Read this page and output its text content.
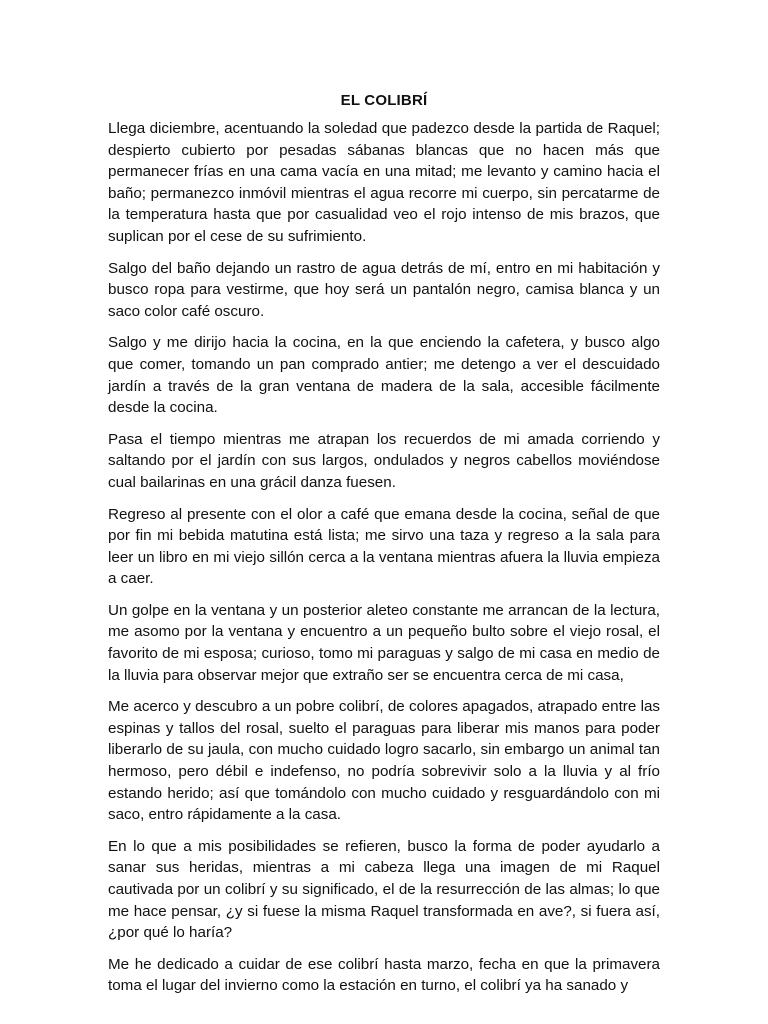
EL COLIBRÍ

Llega diciembre, acentuando la soledad que padezco desde la partida de Raquel; despierto cubierto por pesadas sábanas blancas que no hacen más que permanecer frías en una cama vacía en una mitad; me levanto y camino hacia el baño; permanezco inmóvil mientras el agua recorre mi cuerpo, sin percatarme de la temperatura hasta que por casualidad veo el rojo intenso de mis brazos, que suplican por el cese de su sufrimiento.

Salgo del baño dejando un rastro de agua detrás de mí, entro en mi habitación y busco ropa para vestirme, que hoy será un pantalón negro, camisa blanca y un saco color café oscuro.

Salgo y me dirijo hacia la cocina, en la que enciendo la cafetera, y busco algo que comer, tomando un pan comprado antier; me detengo a ver el descuidado jardín a través de la gran ventana de madera de la sala, accesible fácilmente desde la cocina.

Pasa el tiempo mientras me atrapan los recuerdos de mi amada corriendo y saltando por el jardín con sus largos, ondulados y negros cabellos moviéndose cual bailarinas en una grácil danza fuesen.

Regreso al presente con el olor a café que emana desde la cocina, señal de que por fin mi bebida matutina está lista; me sirvo una taza y regreso a la sala para leer un libro en mi viejo sillón cerca a la ventana mientras afuera la lluvia empieza a caer.

Un golpe en la ventana y un posterior aleteo constante me arrancan de la lectura, me asomo por la ventana y encuentro a un pequeño bulto sobre el viejo rosal, el favorito de mi esposa; curioso, tomo mi paraguas y salgo de mi casa en medio de la lluvia para observar mejor que extraño ser se encuentra cerca de mi casa,

Me acerco y descubro a un pobre colibrí, de colores apagados, atrapado entre las espinas y tallos del rosal, suelto el paraguas para liberar mis manos para poder liberarlo de su jaula, con mucho cuidado logro sacarlo, sin embargo un animal tan hermoso, pero débil e indefenso, no podría sobrevivir solo a la lluvia y al frío estando herido; así que tomándolo con mucho cuidado y resguardándolo con mi saco, entro rápidamente a la casa.

En lo que a mis posibilidades se refieren, busco la forma de poder ayudarlo a sanar sus heridas, mientras a mi cabeza llega una imagen de mi Raquel cautivada por un colibrí y su significado, el de la resurrección de las almas; lo que me hace pensar, ¿y si fuese la misma Raquel transformada en ave?, si fuera así, ¿por qué lo haría?

Me he dedicado a cuidar de ese colibrí hasta marzo, fecha en que la primavera toma el lugar del invierno como la estación en turno, el colibrí ya ha sanado y
